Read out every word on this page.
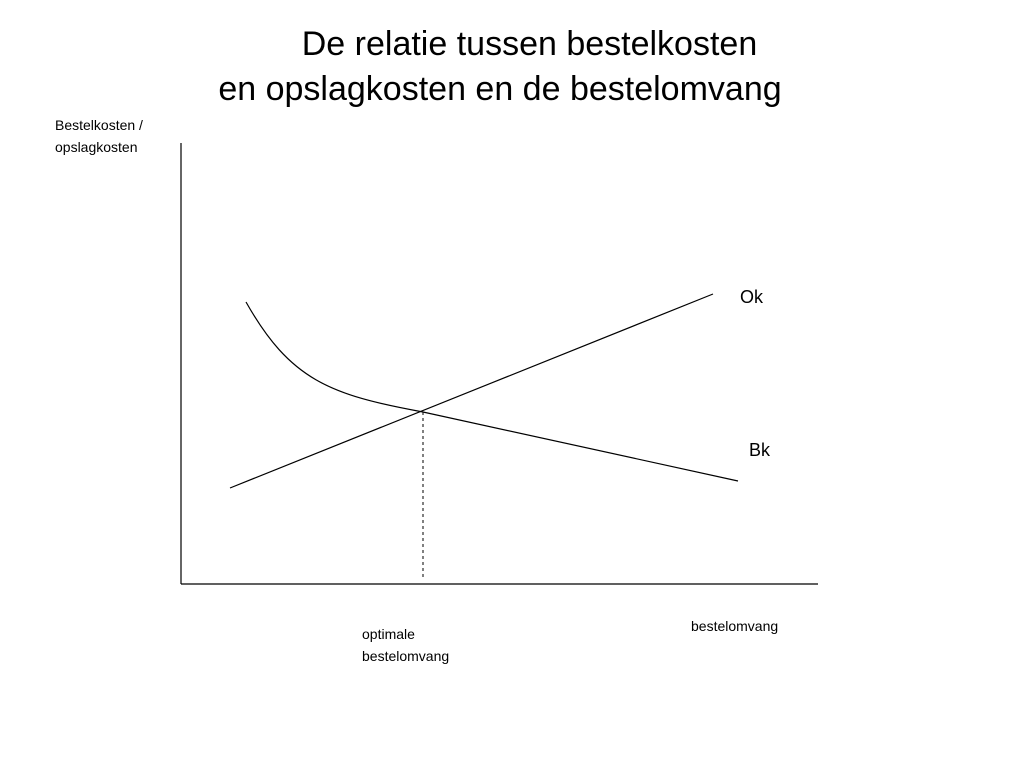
De relatie tussen bestelkosten
en opslagkosten en de bestelomvang
Bestelkosten / opslagkosten
Ok
Bk
bestelomvang
optimale bestelomvang
